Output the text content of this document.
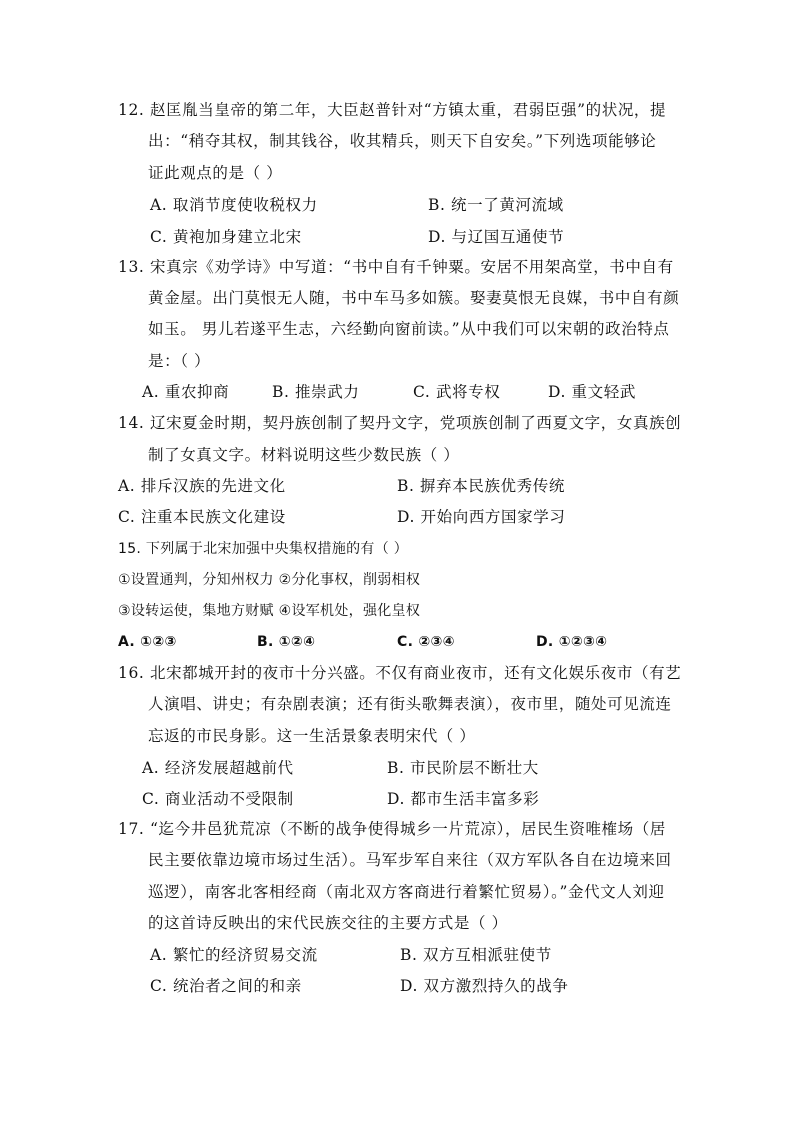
12. 赵匡胤当皇帝的第二年，大臣赵普针对“方镇太重，君弱臣强”的状况，提
出：“稍夺其权，制其钱谷，收其精兵，则天下自安矣。”下列选项能够论
证此观点的是（ ）
A. 取消节度使收税权力	B. 统一了黄河流域
C. 黄袍加身建立北宋	D. 与辽国互通使节
13. 宋真宗《劝学诗》中写道：“书中自有千钟粟。安居不用架高堂，书中自有
黄金屋。出门莫恨无人随，书中车马多如簇。娶妻莫恨无良媒，书中自有颜
如玉。 男儿若遂平生志，六经勤向窗前读。”从中我们可以宋朝的政治特点
是：（ ）
A. 重农抑商	B. 推崇武力	C. 武将专权	D. 重文轻武
14. 辽宋夏金时期，契丹族创制了契丹文字，党项族创制了西夏文字，女真族创
制了女真文字。材料说明这些少数民族（ ）
A. 排斥汉族的先进文化	B. 摒弃本民族优秀传统
C. 注重本民族文化建设	D. 开始向西方国家学习
15. 下列属于北宋加强中央集权措施的有（ ）
①设置通判，分知州权力 ②分化事权，削弱相权
③设转运使，集地方财赋 ④设军机处，强化皇权
A. ①②③	B. ①②④	C. ②③④	D. ①②③④
16. 北宋都城开封的夜市十分兴盛。不仅有商业夜市，还有文化娱乐夜市（有艺
人演唱、讲史；有杂剧表演；还有街头歌舞表演），夜市里，随处可见流连
忘返的市民身影。这一生活景象表明宋代（ ）
A. 经济发展超越前代	B. 市民阶层不断壮大
C. 商业活动不受限制	D. 都市生活丰富多彩
17. “迄今井邑犹荒凉（不断的战争使得城乡一片荒凉），居民生资唯榷场（居
民主要依靠边境市场过生活）。马军步军自来往（双方军队各自在边境来回
巡逻），南客北客相经商（南北双方客商进行着繁忙贸易）。”金代文人刘迎
的这首诗反映出的宋代民族交往的主要方式是（ ）
A. 繁忙的经济贸易交流	B. 双方互相派驻使节
C. 统治者之间的和亲	D. 双方激烈持久的战争
